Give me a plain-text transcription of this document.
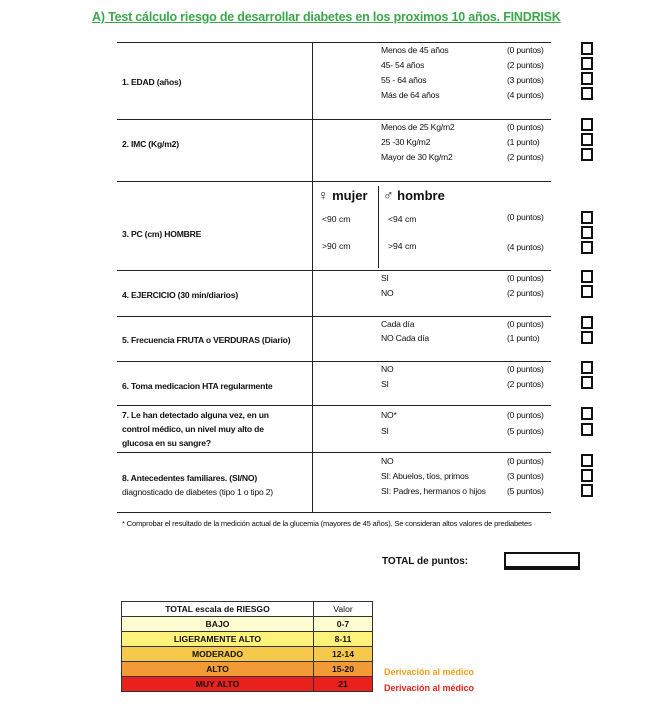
A) Test cálculo riesgo de desarrollar diabetes en los proximos 10 años. FINDRISK
1. EDAD (años)
Menos de 45 años	(0 puntos)
45- 54 años	(2 puntos)
55 - 64 años	(3 puntos)
Más de 64 años	(4 puntos)
2. IMC (Kg/m2)
Menos de 25 Kg/m2	(0 puntos)
25 -30 Kg/m2	(1 punto)
Mayor de 30 Kg/m2	(2 puntos)
3. PC (cm) HOMBRE
♀ mujer ♂ hombre
<90 cm	<94 cm	(0 puntos)
>90 cm	>94 cm	(4 puntos)
4. EJERCICIO (30 min/diarios)
SI	(0 puntos)
NO	(2 puntos)
5. Frecuencia FRUTA o VERDURAS (Diario)
Cada día	(0 puntos)
NO Cada día	(1 punto)
6. Toma medicacion HTA regularmente
NO	(0 puntos)
SI	(2 puntos)
7. Le han detectado alguna vez, en un
control médico, un nivel muy alto de
glucosa en su sangre?
NO*	(0 puntos)
SI	(5 puntos)
8. Antecedentes familiares. (SI/NO)
diagnosticado de diabetes (tipo 1 o tipo 2)
NO	(0 puntos)
SI: Abuelos, tíos, primos	(3 puntos)
SI: Padres, hermanos o hijos (5 puntos)
* Comprobar el resultado de la medición actual de la glucemia (mayores de 45 años). Se consideran altos valores de prediabetes
TOTAL de puntos:
TOTAL escala de RIESGO	Valor
BAJO	0-7
LIGERAMENTE ALTO	8-11
MODERADO	12-14
ALTO	15-20
MUY ALTO	21
Derivación al médico
Derivación al médico
